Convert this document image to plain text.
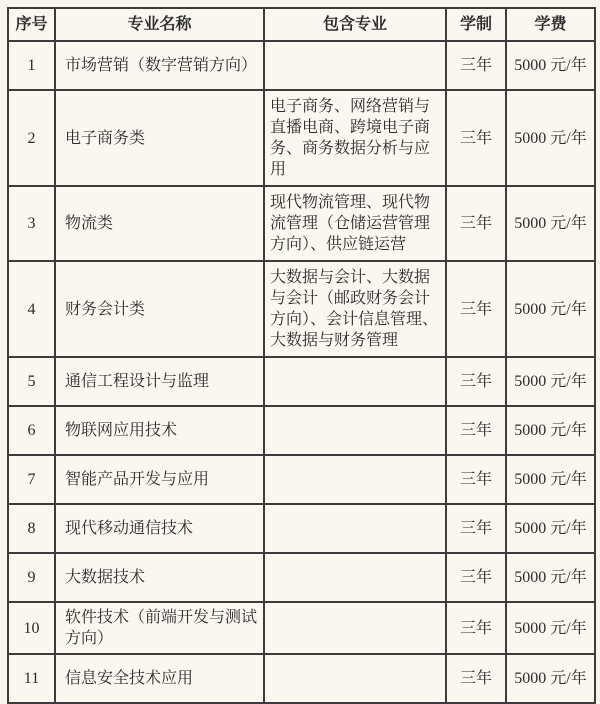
序号	专业名称	包含专业	学制	学费
1	市场营销（数字营销方向）		三年	5000 元/年
2	电子商务类	电子商务、网络营销与直播电商、跨境电子商务、商务数据分析与应用	三年	5000 元/年
3	物流类	现代物流管理、现代物流管理（仓储运营管理方向）、供应链运营	三年	5000 元/年
4	财务会计类	大数据与会计、大数据与会计（邮政财务会计方向）、会计信息管理、大数据与财务管理	三年	5000 元/年
5	通信工程设计与监理		三年	5000 元/年
6	物联网应用技术		三年	5000 元/年
7	智能产品开发与应用		三年	5000 元/年
8	现代移动通信技术		三年	5000 元/年
9	大数据技术		三年	5000 元/年
10	软件技术（前端开发与测试方向）		三年	5000 元/年
11	信息安全技术应用		三年	5000 元/年
